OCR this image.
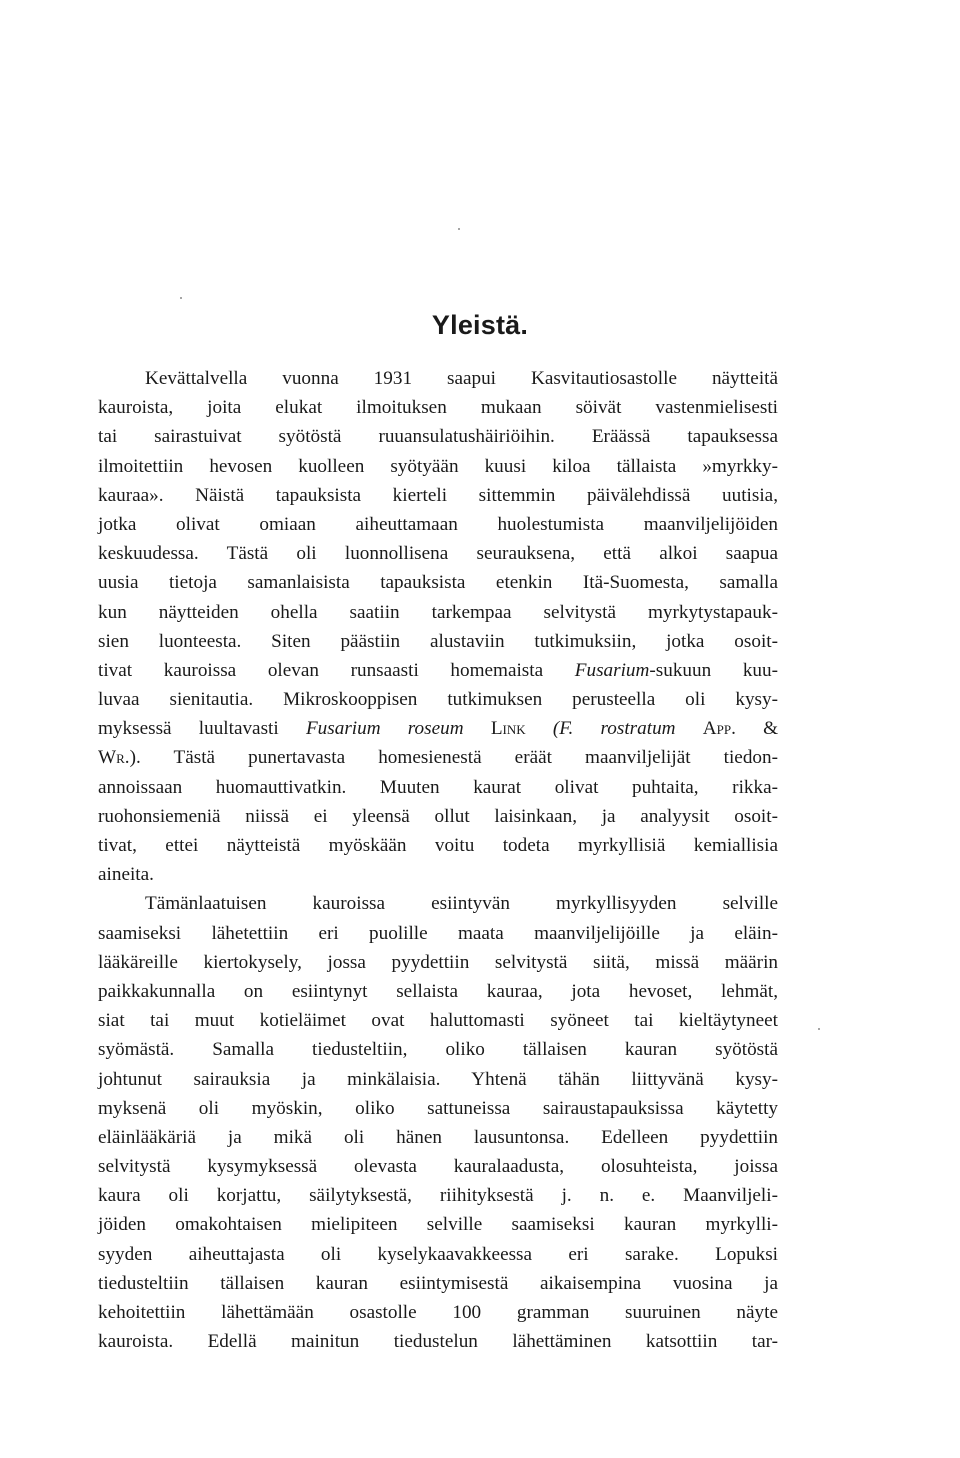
Yleistä.
Kevättalvella vuonna 1931 saapui Kasvitautiosastolle näytteitä
kauroista, joita elukat ilmoituksen mukaan söivät vastenmielisesti
tai sairastuivat syötöstä ruuansulatushäiriöihin. Eräässä tapauksessa
ilmoitettiin hevosen kuolleen syötyään kuusi kiloa tällaista »myrkky-
kauraa». Näistä tapauksista kierteli sittemmin päivälehdissä uutisia,
jotka olivat omiaan aiheuttamaan huolestumista maanviljelijöiden
keskuudessa. Tästä oli luonnollisena seurauksena, että alkoi saapua
uusia tietoja samanlaisista tapauksista etenkin Itä-Suomesta, samalla
kun näytteiden ohella saatiin tarkempaa selvitystä myrkytystapauk-
sien luonteesta. Siten päästiin alustaviin tutkimuksiin, jotka osoit-
tivat kauroissa olevan runsaasti homemaista Fusarium-sukuun kuu-
luvaa sienitautia. Mikroskooppisen tutkimuksen perusteella oli kysy-
myksessä luultavasti Fusarium roseum Link (F. rostratum App. &
Wr.). Tästä punertavasta homesienestä eräät maanviljelijät tiedon-
annoissaan huomauttivatkin. Muuten kaurat olivat puhtaita, rikka-
ruohonsiemeniä niissä ei yleensä ollut laisinkaan, ja analyysit osoit-
tivat, ettei näytteistä myöskään voitu todeta myrkyllisiä kemiallisia
aineita.
Tämänlaatuisen kauroissa esiintyvän myrkyllisyyden selville
saamiseksi lähetettiin eri puolille maata maanviljelijöille ja eläin-
lääkäreille kiertokysely, jossa pyydettiin selvitystä siitä, missä määrin
paikkakunnalla on esiintynyt sellaista kauraa, jota hevoset, lehmät,
siat tai muut kotieläimet ovat haluttomasti syöneet tai kieltäytyneet
syömästä. Samalla tiedusteltiin, oliko tällaisen kauran syötöstä
johtunut sairauksia ja minkälaisia. Yhtenä tähän liittyvänä kysy-
myksenä oli myöskin, oliko sattuneissa sairaustapauksissa käytetty
eläinlääkäriä ja mikä oli hänen lausuntonsa. Edelleen pyydettiin
selvitystä kysymyksessä olevasta kauralaadusta, olosuhteista, joissa
kaura oli korjattu, säilytyksestä, riihityksestä j. n. e. Maanviljeli-
jöiden omakohtaisen mielipiteen selville saamiseksi kauran myrkylli-
syyden aiheuttajasta oli kyselykaavakkeessa eri sarake. Lopuksi
tiedusteltiin tällaisen kauran esiintymisestä aikaisempina vuosina ja
kehoitettiin lähettämään osastolle 100 gramman suuruinen näyte
kauroista. Edellä mainitun tiedustelun lähettäminen katsottiin tar-
